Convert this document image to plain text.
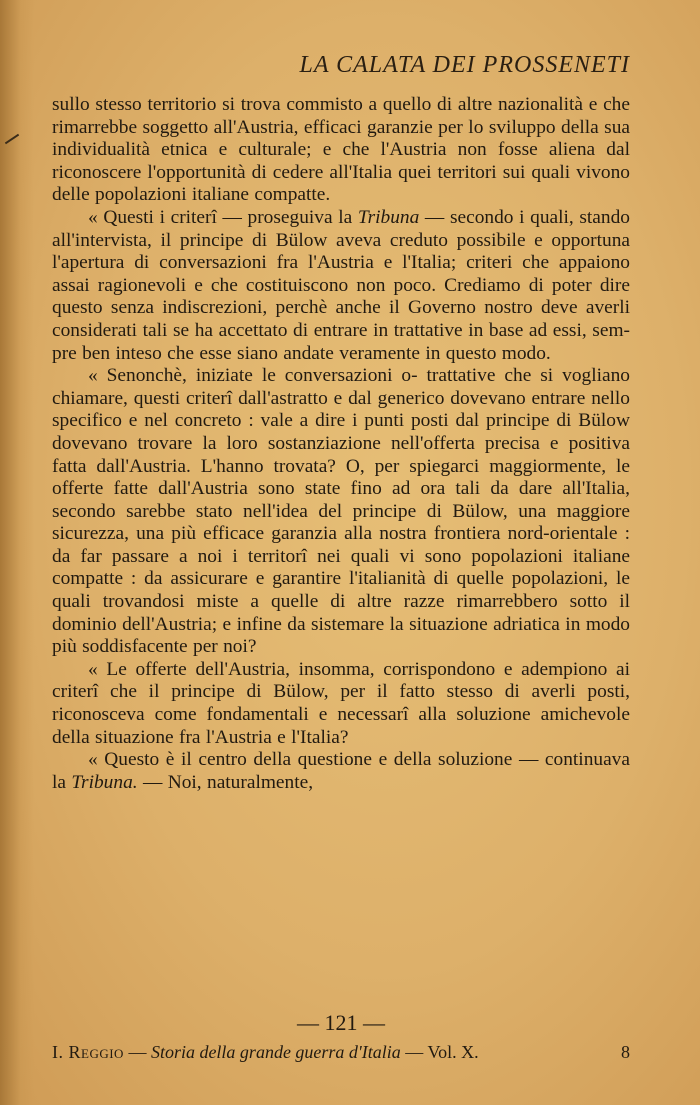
LA CALATA DEI PROSSENETI

sullo stesso territorio si trova commisto a quello di altre nazionalità e che rimarrebbe soggetto all'Austria, efficaci garanzie per lo sviluppo della sua individualità etnica e culturale; e che l'Austria non fosse aliena dal riconoscere l'opportunità di cedere all'Italia quei territori sui quali vivono delle popolazioni italiane compatte.

« Questi i criterî — proseguiva la Tribuna — secondo i quali, stando all'intervista, il principe di Bülow aveva creduto possibile e opportuna l'apertura di conversazioni fra l'Austria e l'Italia; criteri che appaiono assai ragionevoli e che costituiscono non poco. Crediamo di poter dire questo senza indiscrezioni, perchè anche il Governo nostro deve averli considerati tali se ha accettato di entrare in trattative in base ad essi, sempre ben inteso che esse siano andate veramente in questo modo.

« Senonchè, iniziate le conversazioni o- trattative che si vogliano chiamare, questi criterî dall'astratto e dal generico dovevano entrare nello specifico e nel concreto : vale a dire i punti posti dal principe di Bülow dovevano trovare la loro sostanziazione nell'offerta precisa e positiva fatta dall'Austria. L'hanno trovata? O, per spiegarci maggiormente, le offerte fatte dall'Austria sono state fino ad ora tali da dare all'Italia, secondo sarebbe stato nell'idea del principe di Bülow, una maggiore sicurezza, una più efficace garanzia alla nostra frontiera nord-orientale : da far passare a noi i territorî nei quali vi sono popolazioni italiane compatte : da assicurare e garantire l'italianità di quelle popolazioni, le quali trovandosi miste a quelle di altre razze rimarrebbero sotto il dominio dell'Austria; e infine da sistemare la situazione adriatica in modo più soddisfacente per noi?

« Le offerte dell'Austria, insomma, corrispondono e adempiono ai criterî che il principe di Bülow, per il fatto stesso di averli posti, riconosceva come fondamentali e necessarî alla soluzione amichevole della situazione fra l'Austria e l'Italia?

« Questo è il centro della questione e della soluzione — continuava la Tribuna. — Noi, naturalmente,

— 121 —
I. Reggio — Storia della grande guerra d'Italia — Vol. X.	8
